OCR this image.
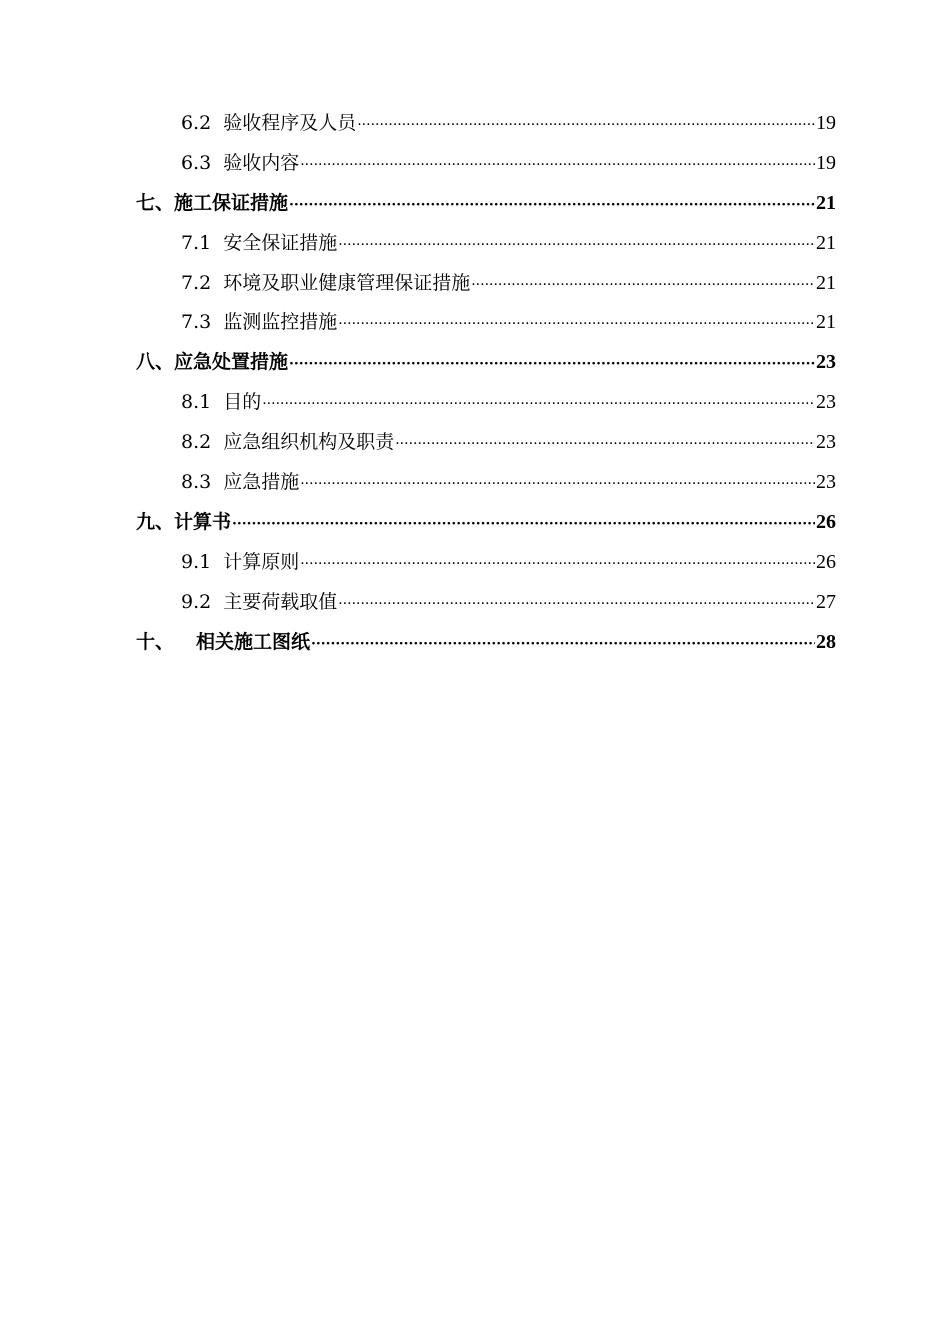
6.2 验收程序及人员 ·····	19
6.3 验收内容 ·····	19
七、施工保证措施 ·····	21
7.1 安全保证措施 ·····	21
7.2 环境及职业健康管理保证措施 ·····	21
7.3 监测监控措施 ·····	21
八、应急处置措施 ·····	23
8.1 目的 ·····	23
8.2 应急组织机构及职责 ·····	23
8.3 应急措施 ·····	23
九、计算书 ·····	26
9.1 计算原则 ·····	26
9.2 主要荷载取值 ·····	27
十、 相关施工图纸 ·····	28
